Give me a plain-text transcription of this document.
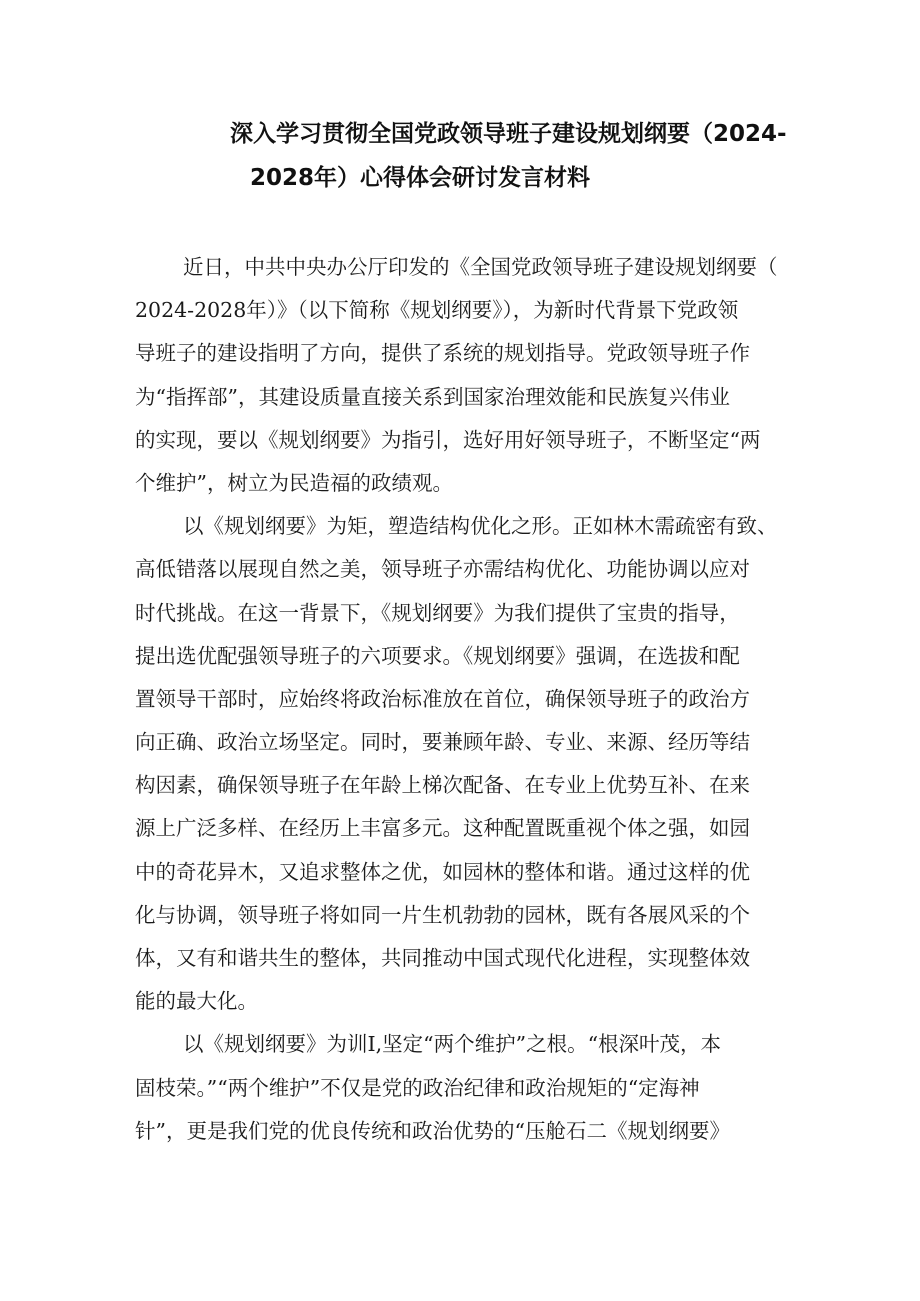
深入学习贯彻全国党政领导班子建设规划纲要（2024-
2028年）心得体会研讨发言材料
近日，中共中央办公厅印发的《全国党政领导班子建设规划纲要（
2024-2028年）》（以下简称《规划纲要》），为新时代背景下党政领
导班子的建设指明了方向，提供了系统的规划指导。党政领导班子作
为“指挥部”，其建设质量直接关系到国家治理效能和民族复兴伟业
的实现，要以《规划纲要》为指引，选好用好领导班子，不断坚定“两
个维护”，树立为民造福的政绩观。
以《规划纲要》为矩，塑造结构优化之形。正如林木需疏密有致、
高低错落以展现自然之美，领导班子亦需结构优化、功能协调以应对
时代挑战。在这一背景下，《规划纲要》为我们提供了宝贵的指导，
提出选优配强领导班子的六项要求。《规划纲要》强调，在选拔和配
置领导干部时，应始终将政治标准放在首位，确保领导班子的政治方
向正确、政治立场坚定。同时，要兼顾年龄、专业、来源、经历等结
构因素，确保领导班子在年龄上梯次配备、在专业上优势互补、在来
源上广泛多样、在经历上丰富多元。这种配置既重视个体之强，如园
中的奇花异木，又追求整体之优，如园林的整体和谐。通过这样的优
化与协调，领导班子将如同一片生机勃勃的园林，既有各展风采的个
体，又有和谐共生的整体，共同推动中国式现代化进程，实现整体效
能的最大化。
以《规划纲要》为训Ⅰ,坚定“两个维护”之根。“根深叶茂，本
固枝荣。”“两个维护”不仅是党的政治纪律和政治规矩的“定海神
针”，更是我们党的优良传统和政治优势的“压舱石二《规划纲要》
